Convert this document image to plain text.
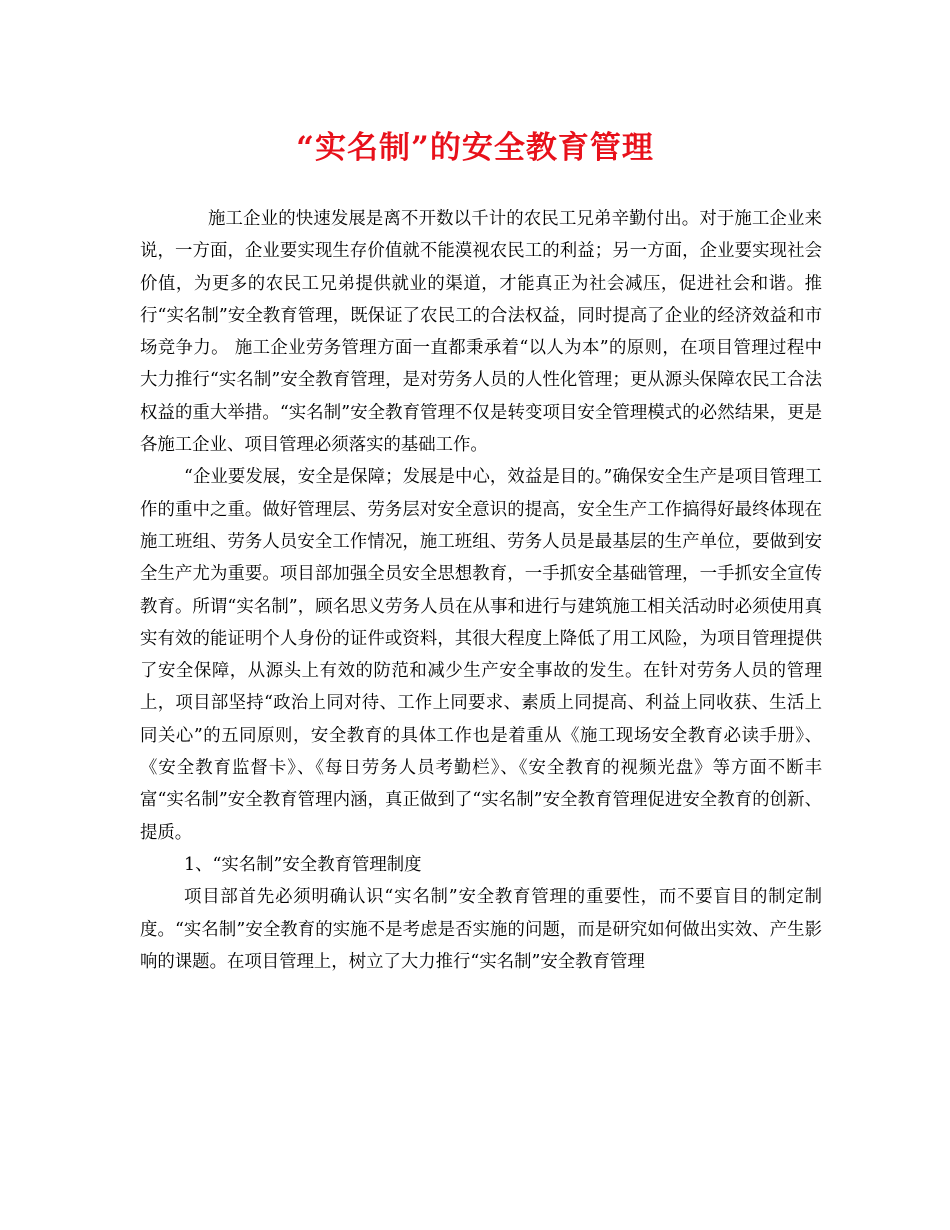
“实名制”的安全教育管理

施工企业的快速发展是离不开数以千计的农民工兄弟辛勤付出。对于施工企业来说，一方面，企业要实现生存价值就不能漠视农民工的利益；另一方面，企业要实现社会价值，为更多的农民工兄弟提供就业的渠道，才能真正为社会减压，促进社会和谐。推行“实名制”安全教育管理，既保证了农民工的合法权益，同时提高了企业的经济效益和市场竞争力。 施工企业劳务管理方面一直都秉承着“以人为本”的原则，在项目管理过程中大力推行“实名制”安全教育管理，是对劳务人员的人性化管理；更从源头保障农民工合法权益的重大举措。“实名制”安全教育管理不仅是转变项目安全管理模式的必然结果，更是各施工企业、项目管理必须落实的基础工作。

“企业要发展，安全是保障；发展是中心，效益是目的。”确保安全生产是项目管理工作的重中之重。做好管理层、劳务层对安全意识的提高，安全生产工作搞得好最终体现在施工班组、劳务人员安全工作情况，施工班组、劳务人员是最基层的生产单位，要做到安全生产尤为重要。项目部加强全员安全思想教育，一手抓安全基础管理，一手抓安全宣传教育。所谓“实名制”，顾名思义劳务人员在从事和进行与建筑施工相关活动时必须使用真实有效的能证明个人身份的证件或资料，其很大程度上降低了用工风险，为项目管理提供了安全保障，从源头上有效的防范和减少生产安全事故的发生。在针对劳务人员的管理上，项目部坚持“政治上同对待、工作上同要求、素质上同提高、利益上同收获、生活上同关心”的五同原则，安全教育的具体工作也是着重从《施工现场安全教育必读手册》、《安全教育监督卡》、《每日劳务人员考勤栏》、《安全教育的视频光盘》等方面不断丰富“实名制”安全教育管理内涵，真正做到了“实名制”安全教育管理促进安全教育的创新、提质。

1、“实名制”安全教育管理制度

项目部首先必须明确认识“实名制”安全教育管理的重要性，而不要盲目的制定制度。“实名制”安全教育的实施不是考虑是否实施的问题，而是研究如何做出实效、产生影响的课题。在项目管理上，树立了大力推行“实名制”安全教育管理
